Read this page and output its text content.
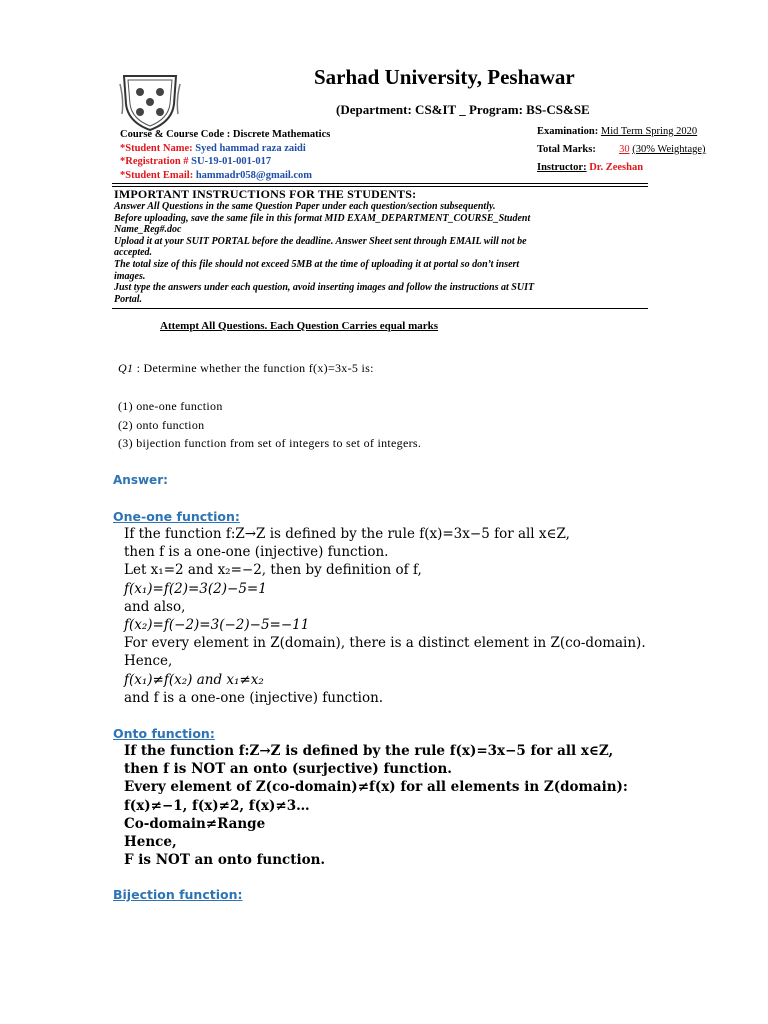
Sarhad University, Peshawar
(Department: CS&IT _ Program: BS-CS&SE
Course & Course Code : Discrete Mathematics
*Student Name: Syed hammad raza zaidi
*Registration # SU-19-01-001-017
*Student Email: hammadr058@gmail.com
Examination: Mid Term Spring 2020
Total Marks: 30 (30% Weightage)
Instructor: Dr. Zeeshan
IMPORTANT INSTRUCTIONS FOR THE STUDENTS:
Answer All Questions in the same Question Paper under each question/section subsequently.
Before uploading, save the same file in this format MID EXAM_DEPARTMENT_COURSE_Student
Name_Reg#.doc
Upload it at your SUIT PORTAL before the deadline. Answer Sheet sent through EMAIL will not be
accepted.
The total size of this file should not exceed 5MB at the time of uploading it at portal so don’t insert
images.
Just type the answers under each question, avoid inserting images and follow the instructions at SUIT
Portal.
Attempt All Questions. Each Question Carries equal marks
Q1 : Determine whether the function f(x)=3x-5 is:
(1) one-one function
(2) onto function
(3) bijection function from set of integers to set of integers.
Answer:
One-one function:
If the function f:Z→Z is defined by the rule f(x)=3x−5 for all x∈Z,
then f is a one-one (injective) function.
Let x₁=2 and x₂=−2, then by definition of f,
f(x₁)=f(2)=3(2)−5=1
and also,
f(x₂)=f(−2)=3(−2)−5=−11
For every element in Z(domain), there is a distinct element in Z(co-domain).
Hence,
f(x₁)≠f(x₂) and x₁≠x₂
and f is a one-one (injective) function.
Onto function:
If the function f:Z→Z is defined by the rule f(x)=3x−5 for all x∈Z,
then f is NOT an onto (surjective) function.
Every element of Z(co-domain)≠f(x) for all elements in Z(domain):
f(x)≠−1, f(x)≠2, f(x)≠3…
Co-domain≠Range
Hence,
F is NOT an onto function.
Bijection function:
